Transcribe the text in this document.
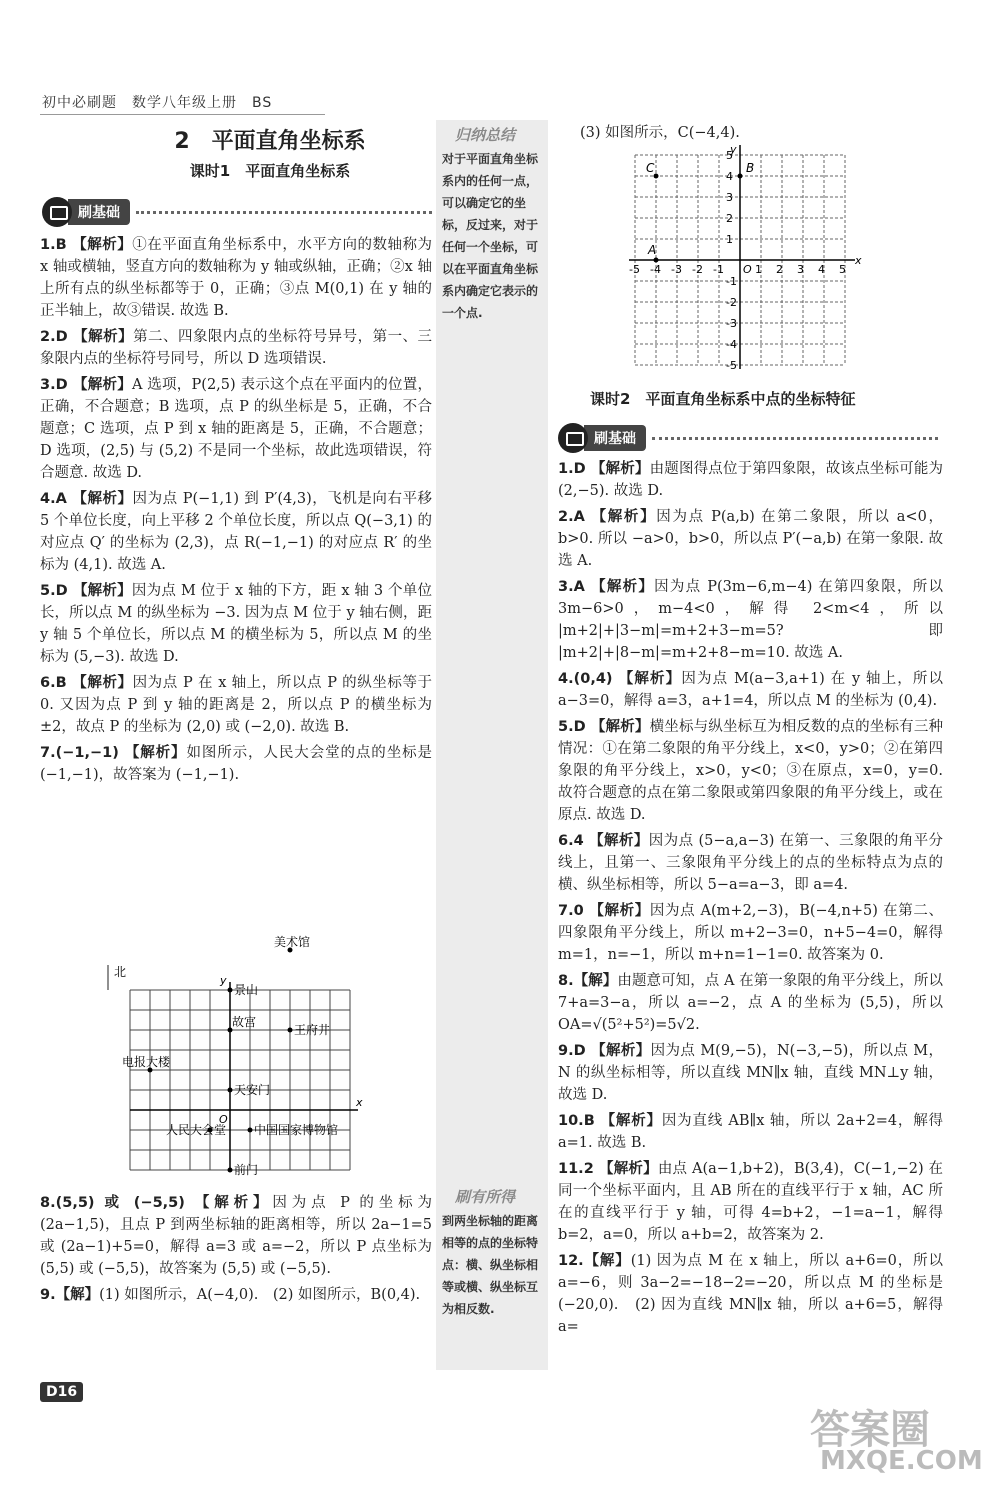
初中必刷题　数学八年级上册　BS
2　平面直角坐标系
课时1　平面直角坐标系
刷基础
1.B 【解析】①在平面直角坐标系中，水平方向的数轴称为 x 轴或横轴，竖直方向的数轴称为 y 轴或纵轴，正确；②x 轴上所有点的纵坐标都等于 0，正确；③点 M(0,1) 在 y 轴的正半轴上，故③错误. 故选 B.
2.D 【解析】第二、四象限内点的坐标符号异号，第一、三象限内点的坐标符号同号，所以 D 选项错误.
3.D 【解析】A 选项，P(2,5) 表示这个点在平面内的位置，正确，不合题意；B 选项，点 P 的纵坐标是 5，正确，不合题意；C 选项，点 P 到 x 轴的距离是 5，正确，不合题意；D 选项，(2,5) 与 (5,2) 不是同一个坐标，故此选项错误，符合题意. 故选 D.
4.A 【解析】因为点 P(−1,1) 到 P′(4,3)，飞机是向右平移 5 个单位长度，向上平移 2 个单位长度，所以点 Q(−3,1) 的对应点 Q′ 的坐标为 (2,3)，点 R(−1,−1) 的对应点 R′ 的坐标为 (4,1). 故选 A.
5.D 【解析】因为点 M 位于 x 轴的下方，距 x 轴 3 个单位长，所以点 M 的纵坐标为 −3. 因为点 M 位于 y 轴右侧，距 y 轴 5 个单位长，所以点 M 的横坐标为 5，所以点 M 的坐标为 (5,−3). 故选 D.
6.B 【解析】因为点 P 在 x 轴上，所以点 P 的纵坐标等于 0. 又因为点 P 到 y 轴的距离是 2，所以点 P 的横坐标为 ±2，故点 P 的坐标为 (2,0) 或 (−2,0). 故选 B.
7.(−1,−1) 【解析】如图所示，人民大会堂的点的坐标是 (−1,−1)，故答案为 (−1,−1).
北
y
x
O
美术馆
景山
故宫
王府井
电报大楼
天安门
人民大会堂 中国国家博物馆
前门
8.(5,5) 或 (−5,5) 【解析】因为点 P 的坐标为 (2a−1,5)，且点 P 到两坐标轴的距离相等，所以 2a−1=5 或 (2a−1)+5=0，解得 a=3 或 a=−2，所以 P 点坐标为 (5,5) 或 (−5,5)，故答案为 (5,5) 或 (−5,5).
9.【解】(1) 如图所示，A(−4,0).　(2) 如图所示，B(0,4).
归纳总结
对于平面直角坐标系内的任何一点，可以确定它的坐标，反过来，对于任何一个坐标，可以在平面直角坐标系内确定它表示的一个点.
刷有所得
到两坐标轴的距离相等的点的坐标特点：横、纵坐标相等或横、纵坐标互为相反数.
(3) 如图所示，C(−4,4).
x
y
O
-5
-5
-4
-4
-3
-3
-2
-2
-1
-1
1
1
2
2
3
3
4
4
5
5
C	B
A
课时2　平面直角坐标系中点的坐标特征
刷基础
1.D 【解析】由题图得点位于第四象限，故该点坐标可能为 (2,−5). 故选 D.
2.A 【解析】因为点 P(a,b) 在第二象限，所以 a<0，b>0. 所以 −a>0，b>0，所以点 P′(−a,b) 在第一象限. 故选 A.
3.A 【解析】因为点 P(3m−6,m−4) 在第四象限，所以 3m−6>0，m−4<0，解得 2<m<4，所以 |m+2|+|3−m|=m+2+3−m=5? 即 |m+2|+|8−m|=m+2+8−m=10. 故选 A.
4.(0,4) 【解析】因为点 M(a−3,a+1) 在 y 轴上，所以 a−3=0，解得 a=3，a+1=4，所以点 M 的坐标为 (0,4).
5.D 【解析】横坐标与纵坐标互为相反数的点的坐标有三种情况：①在第二象限的角平分线上，x<0，y>0；②在第四象限的角平分线上，x>0，y<0；③在原点，x=0，y=0. 故符合题意的点在第二象限或第四象限的角平分线上，或在原点. 故选 D.
6.4 【解析】因为点 (5−a,a−3) 在第一、三象限的角平分线上，且第一、三象限角平分线上的点的坐标特点为点的横、纵坐标相等，所以 5−a=a−3，即 a=4.
7.0 【解析】因为点 A(m+2,−3)，B(−4,n+5) 在第二、四象限角平分线上，所以 m+2−3=0，n+5−4=0，解得 m=1，n=−1，所以 m+n=1−1=0. 故答案为 0.
8.【解】由题意可知，点 A 在第一象限的角平分线上，所以 7+a=3−a，所以 a=−2，点 A 的坐标为 (5,5)，所以 OA=√(5²+5²)=5√2.
9.D 【解析】因为点 M(9,−5)，N(−3,−5)，所以点 M，N 的纵坐标相等，所以直线 MN∥x 轴，直线 MN⊥y 轴，故选 D.
10.B 【解析】因为直线 AB∥x 轴，所以 2a+2=4，解得 a=1. 故选 B.
11.2 【解析】由点 A(a−1,b+2)，B(3,4)，C(−1,−2) 在同一个坐标平面内，且 AB 所在的直线平行于 x 轴，AC 所在的直线平行于 y 轴，可得 4=b+2，−1=a−1，解得 b=2，a=0，所以 a+b=2，故答案为 2.
12.【解】(1) 因为点 M 在 x 轴上，所以 a+6=0，所以 a=−6，则 3a−2=−18−2=−20，所以点 M 的坐标是 (−20,0).　(2) 因为直线 MN∥x 轴，所以 a+6=5，解得 a=
D16
答案圈
MXQE.COM
